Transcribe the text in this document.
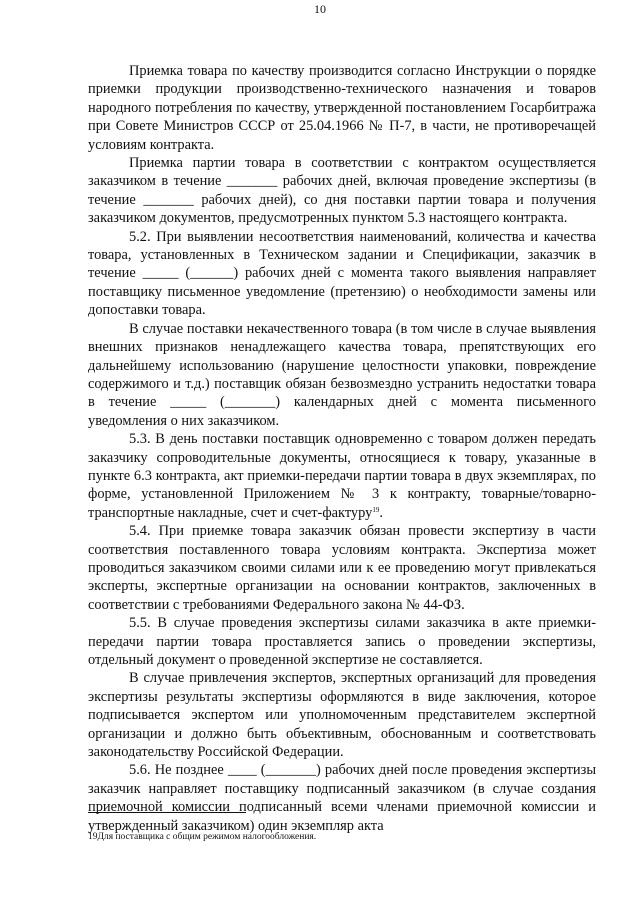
10

Приемка товара по качеству производится согласно Инструкции о порядке приемки продукции производственно-технического назначения и товаров народного потребления по качеству, утвержденной постановлением Госарбитража при Совете Министров СССР от 25.04.1966 № П-7, в части, не противоречащей условиям контракта.

Приемка партии товара в соответствии с контрактом осуществляется заказчиком в течение _______ рабочих дней, включая проведение экспертизы (в течение _______ рабочих дней), со дня поставки партии товара и получения заказчиком документов, предусмотренных пунктом 5.3 настоящего контракта.

5.2. При выявлении несоответствия наименований, количества и качества товара, установленных в Техническом задании и Спецификации, заказчик в течение _____ (______) рабочих дней с момента такого выявления направляет поставщику письменное уведомление (претензию) о необходимости замены или допоставки товара.

В случае поставки некачественного товара (в том числе в случае выявления внешних признаков ненадлежащего качества товара, препятствующих его дальнейшему использованию (нарушение целостности упаковки, повреждение содержимого и т.д.) поставщик обязан безвозмездно устранить недостатки товара в течение _____ (_______) календарных дней с момента письменного уведомления о них заказчиком.

5.3. В день поставки поставщик одновременно с товаром должен передать заказчику сопроводительные документы, относящиеся к товару, указанные в пункте 6.3 контракта, акт приемки-передачи партии товара в двух экземплярах, по форме, установленной Приложением № 3 к контракту, товарные/товарно-транспортные накладные, счет и счет-фактуру$^{19}$.

5.4. При приемке товара заказчик обязан провести экспертизу в части соответствия поставленного товара условиям контракта. Экспертиза может проводиться заказчиком своими силами или к ее проведению могут привлекаться эксперты, экспертные организации на основании контрактов, заключенных в соответствии с требованиями Федерального закона № 44-ФЗ.

5.5. В случае проведения экспертизы силами заказчика в акте приемки-передачи партии товара проставляется запись о проведении экспертизы, отдельный документ о проведенной экспертизе не составляется.

В случае привлечения экспертов, экспертных организаций для проведения экспертизы результаты экспертизы оформляются в виде заключения, которое подписывается экспертом или уполномоченным представителем экспертной организации и должно быть объективным, обоснованным и соответствовать законодательству Российской Федерации.

5.6. Не позднее ____ (_______) рабочих дней после проведения экспертизы заказчик направляет поставщику подписанный заказчиком (в случае создания приемочной комиссии подписанный всеми членами приемочной комиссии и утвержденный заказчиком) один экземпляр акта

19Для поставщика с общим режимом налогообложения.
